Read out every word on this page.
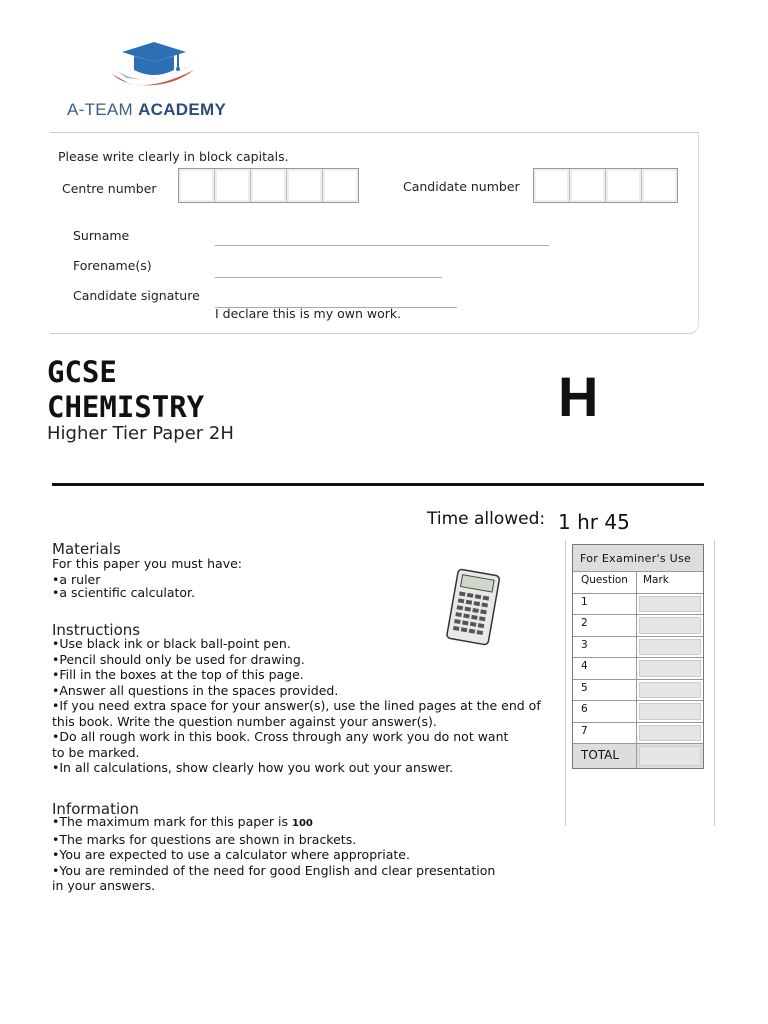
A-TEAM ACADEMY
Please write clearly in block capitals.
Centre number	Candidate number
Surname
Forename(s)
Candidate signature
I declare this is my own work.
GCSE
CHEMISTRY
Higher Tier Paper 2H
H
Time allowed: 1 hr 45
Materials
For this paper you must have: •a ruler
•a scientific calculator.
Instructions
•Use black ink or black ball-point pen.
•Pencil should only be used for drawing.
•Fill in the boxes at the top of this page.
•Answer all questions in the spaces provided.
•If you need extra space for your answer(s), use the lined pages at the end of this book. Write the question number against your answer(s).
•Do all rough work in this book. Cross through any work you do not want to be marked.
•In all calculations, show clearly how you work out your answer.
Information
•The maximum mark for this paper is 100
•The marks for questions are shown in brackets.
•You are expected to use a calculator where appropriate.
•You are reminded of the need for good English and clear presentation in your answers.
For Examiner's Use
Question	Mark
1
2
3
4
5
6
7
TOTAL
